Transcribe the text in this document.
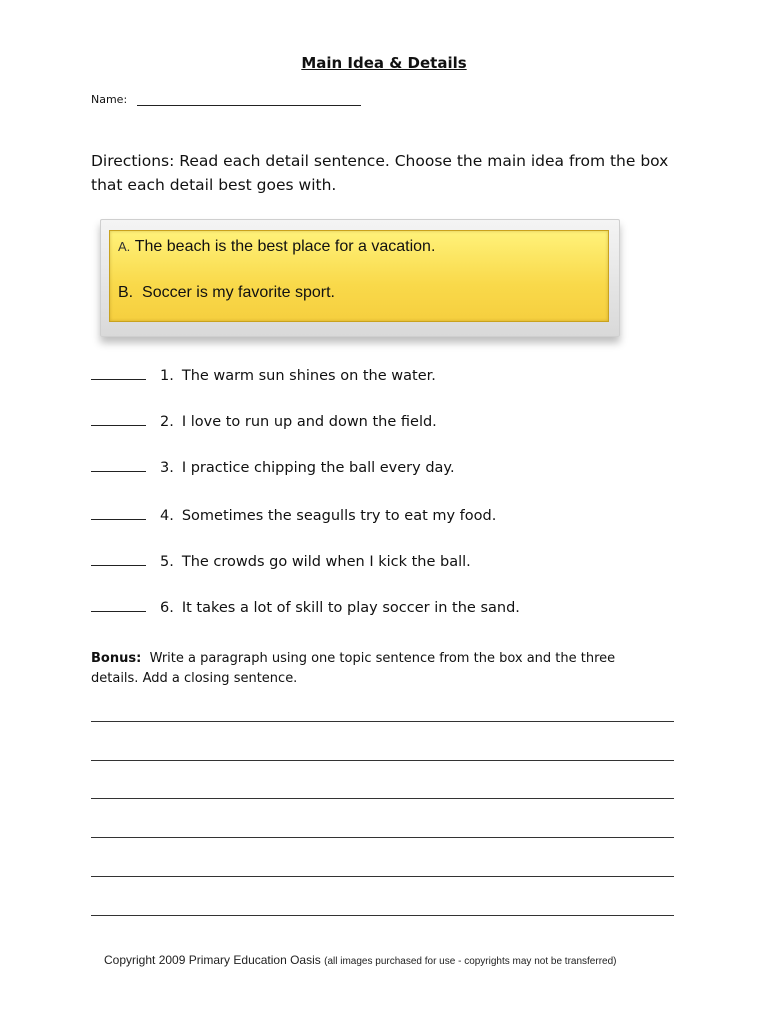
Main Idea & Details
Name:
Directions: Read each detail sentence. Choose the main idea from the box that each detail best goes with.
A. The beach is the best place for a vacation.
B. Soccer is my favorite sport.
1. The warm sun shines on the water.
2. I love to run up and down the field.
3. I practice chipping the ball every day.
4. Sometimes the seagulls try to eat my food.
5. The crowds go wild when I kick the ball.
6. It takes a lot of skill to play soccer in the sand.
Bonus: Write a paragraph using one topic sentence from the box and the three details. Add a closing sentence.
Copyright 2009 Primary Education Oasis (all images purchased for use - copyrights may not be transferred)
